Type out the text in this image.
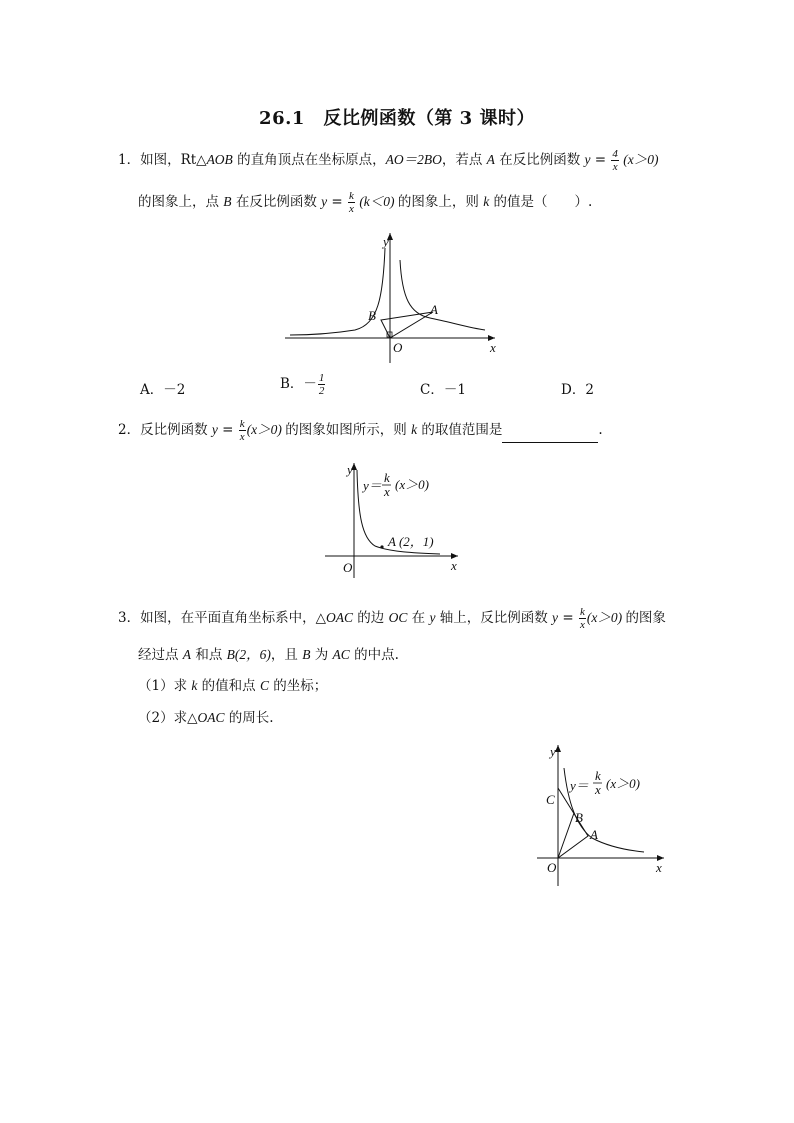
26.1　反比例函数（第 3 课时）
1．如图，Rt△AOB 的直角顶点在坐标原点，AO＝2BO，若点 A 在反比例函数 $y = \frac{4}{x} (x>0)$
的图象上，点 B 在反比例函数 $y = \frac{k}{x} (k<0)$ 的图象上，则 k 的值是（　　）.
y
x
O
A
B
A．－2	B．－ $\frac{1}{2}$	C．－1	D．2
2．反比例函数 $y = \frac{k}{x} (x>0)$ 的图象如图所示，则 k 的取值范围是	.
y
x
O
y＝
k
x (x＞0)
A (2，1)
3．如图，在平面直角坐标系中，△OAC 的边 OC 在 y 轴上，反比例函数 $y = \frac{k}{x} (x>0)$ 的图象
经过点 A 和点 B(2，6)，且 B 为 AC 的中点.
（1）求 k 的值和点 C 的坐标；
（2）求△OAC 的周长.
y
x
O
C
B
A
y＝
k
x (x＞0)
